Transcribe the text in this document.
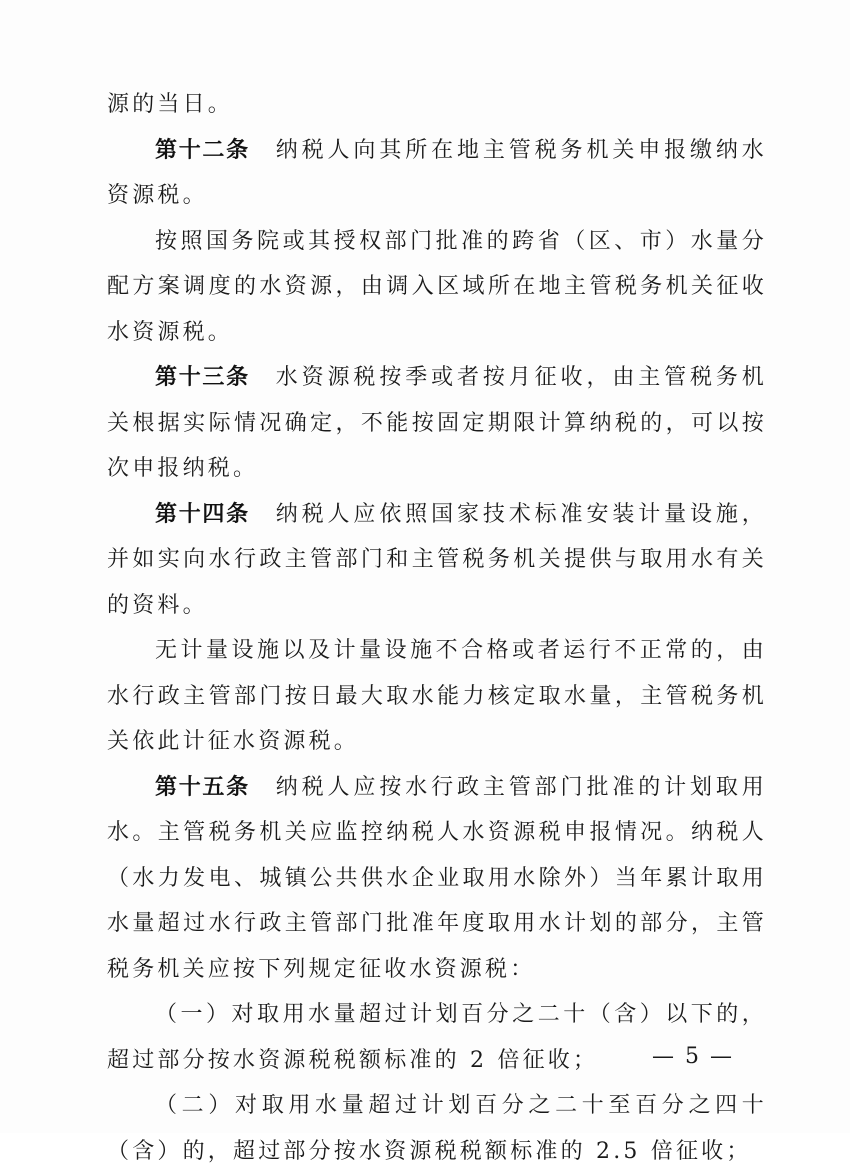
源的当日。

第十二条 纳税人向其所在地主管税务机关申报缴纳水资源税。

按照国务院或其授权部门批准的跨省（区、市）水量分配方案调度的水资源，由调入区域所在地主管税务机关征收水资源税。

第十三条 水资源税按季或者按月征收，由主管税务机关根据实际情况确定，不能按固定期限计算纳税的，可以按次申报纳税。

第十四条 纳税人应依照国家技术标准安装计量设施，并如实向水行政主管部门和主管税务机关提供与取用水有关的资料。

无计量设施以及计量设施不合格或者运行不正常的，由水行政主管部门按日最大取水能力核定取水量，主管税务机关依此计征水资源税。

第十五条 纳税人应按水行政主管部门批准的计划取用水。主管税务机关应监控纳税人水资源税申报情况。纳税人（水力发电、城镇公共供水企业取用水除外）当年累计取用水量超过水行政主管部门批准年度取用水计划的部分，主管税务机关应按下列规定征收水资源税：

（一）对取用水量超过计划百分之二十（含）以下的，超过部分按水资源税税额标准的 2 倍征收；

（二）对取用水量超过计划百分之二十至百分之四十（含）的，超过部分按水资源税税额标准的 2.5 倍征收；

— 5 —
